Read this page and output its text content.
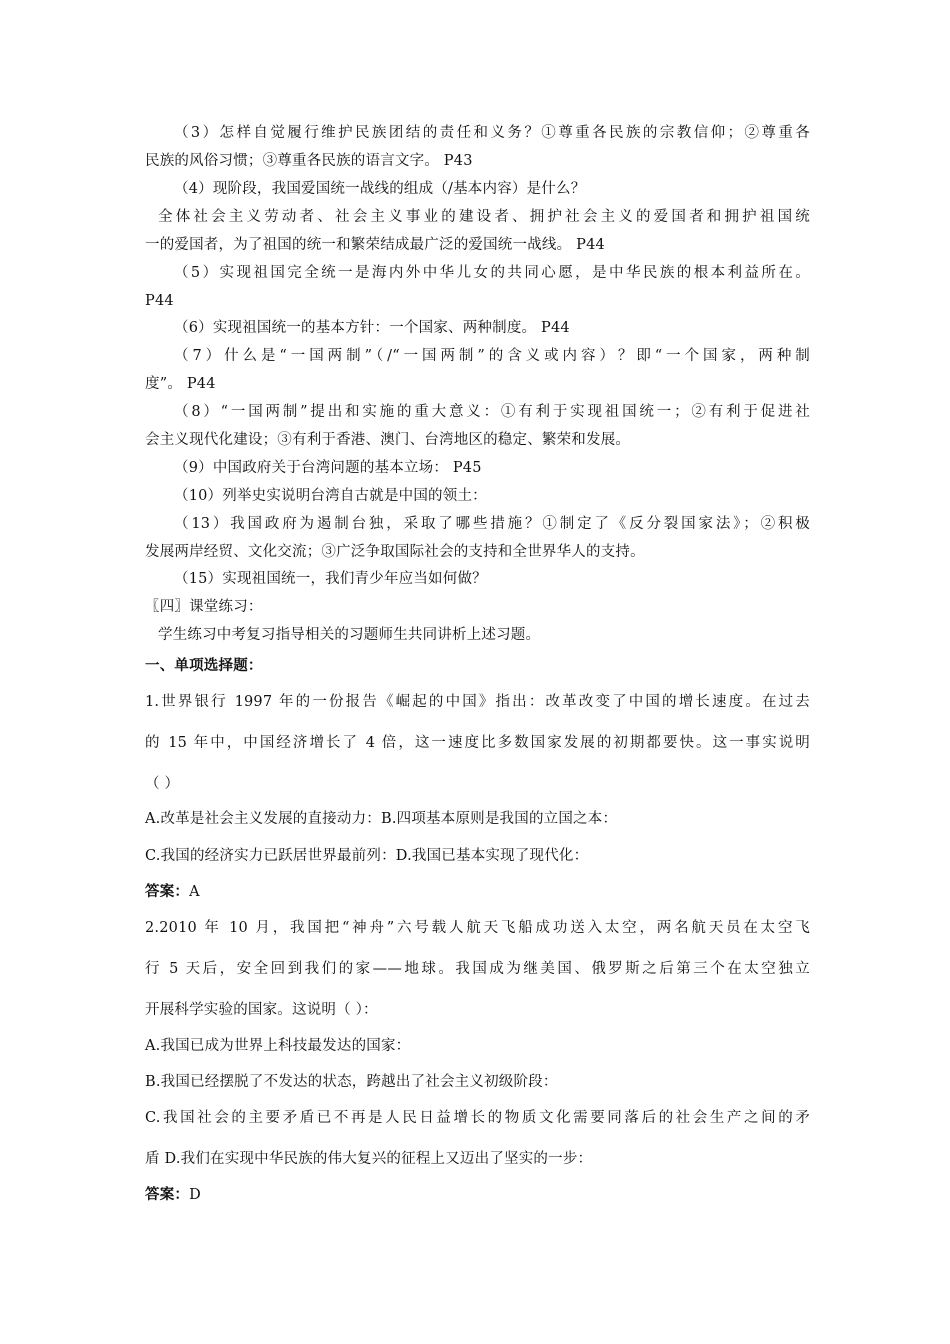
（3）怎样自觉履行维护民族团结的责任和义务？①尊重各民族的宗教信仰；②尊重各
民族的风俗习惯；③尊重各民族的语言文字。 P43
（4）现阶段，我国爱国统一战线的组成（/基本内容）是什么？
全体社会主义劳动者、社会主义事业的建设者、拥护社会主义的爱国者和拥护祖国统
一的爱国者，为了祖国的统一和繁荣结成最广泛的爱国统一战线。 P44
（5）实现祖国完全统一是海内外中华儿女的共同心愿，是中华民族的根本利益所在。
P44
（6）实现祖国统一的基本方针：一个国家、两种制度。 P44
（7）什么是“一国两制”（/“一国两制”的含义或内容）？即“一个国家，两种制
度”。 P44
（8）“一国两制”提出和实施的重大意义：①有利于实现祖国统一；②有利于促进社
会主义现代化建设；③有利于香港、澳门、台湾地区的稳定、繁荣和发展。
（9）中国政府关于台湾问题的基本立场： P45
（10）列举史实说明台湾自古就是中国的领土：
（13）我国政府为遏制台独，采取了哪些措施？①制定了《反分裂国家法》；②积极
发展两岸经贸、文化交流；③广泛争取国际社会的支持和全世界华人的支持。
（15）实现祖国统一，我们青少年应当如何做？
〖四〗课堂练习：
学生练习中考复习指导相关的习题师生共同讲析上述习题。
一、单项选择题：
1.世界银行 1997 年的一份报告《崛起的中国》指出：改革改变了中国的增长速度。在过去
的 15 年中，中国经济增长了 4 倍，这一速度比多数国家发展的初期都要快。这一事实说明
（ ）
A.改革是社会主义发展的直接动力：B.四项基本原则是我国的立国之本：
C.我国的经济实力已跃居世界最前列：D.我国已基本实现了现代化：
答案：A
2.2010 年 10 月，我国把“神舟”六号载人航天飞船成功送入太空，两名航天员在太空飞
行 5 天后，安全回到我们的家——地球。我国成为继美国、俄罗斯之后第三个在太空独立
开展科学实验的国家。这说明（ ）：
A.我国已成为世界上科技最发达的国家：
B.我国已经摆脱了不发达的状态，跨越出了社会主义初级阶段：
C.我国社会的主要矛盾已不再是人民日益增长的物质文化需要同落后的社会生产之间的矛
盾 D.我们在实现中华民族的伟大复兴的征程上又迈出了坚实的一步：
答案：D
